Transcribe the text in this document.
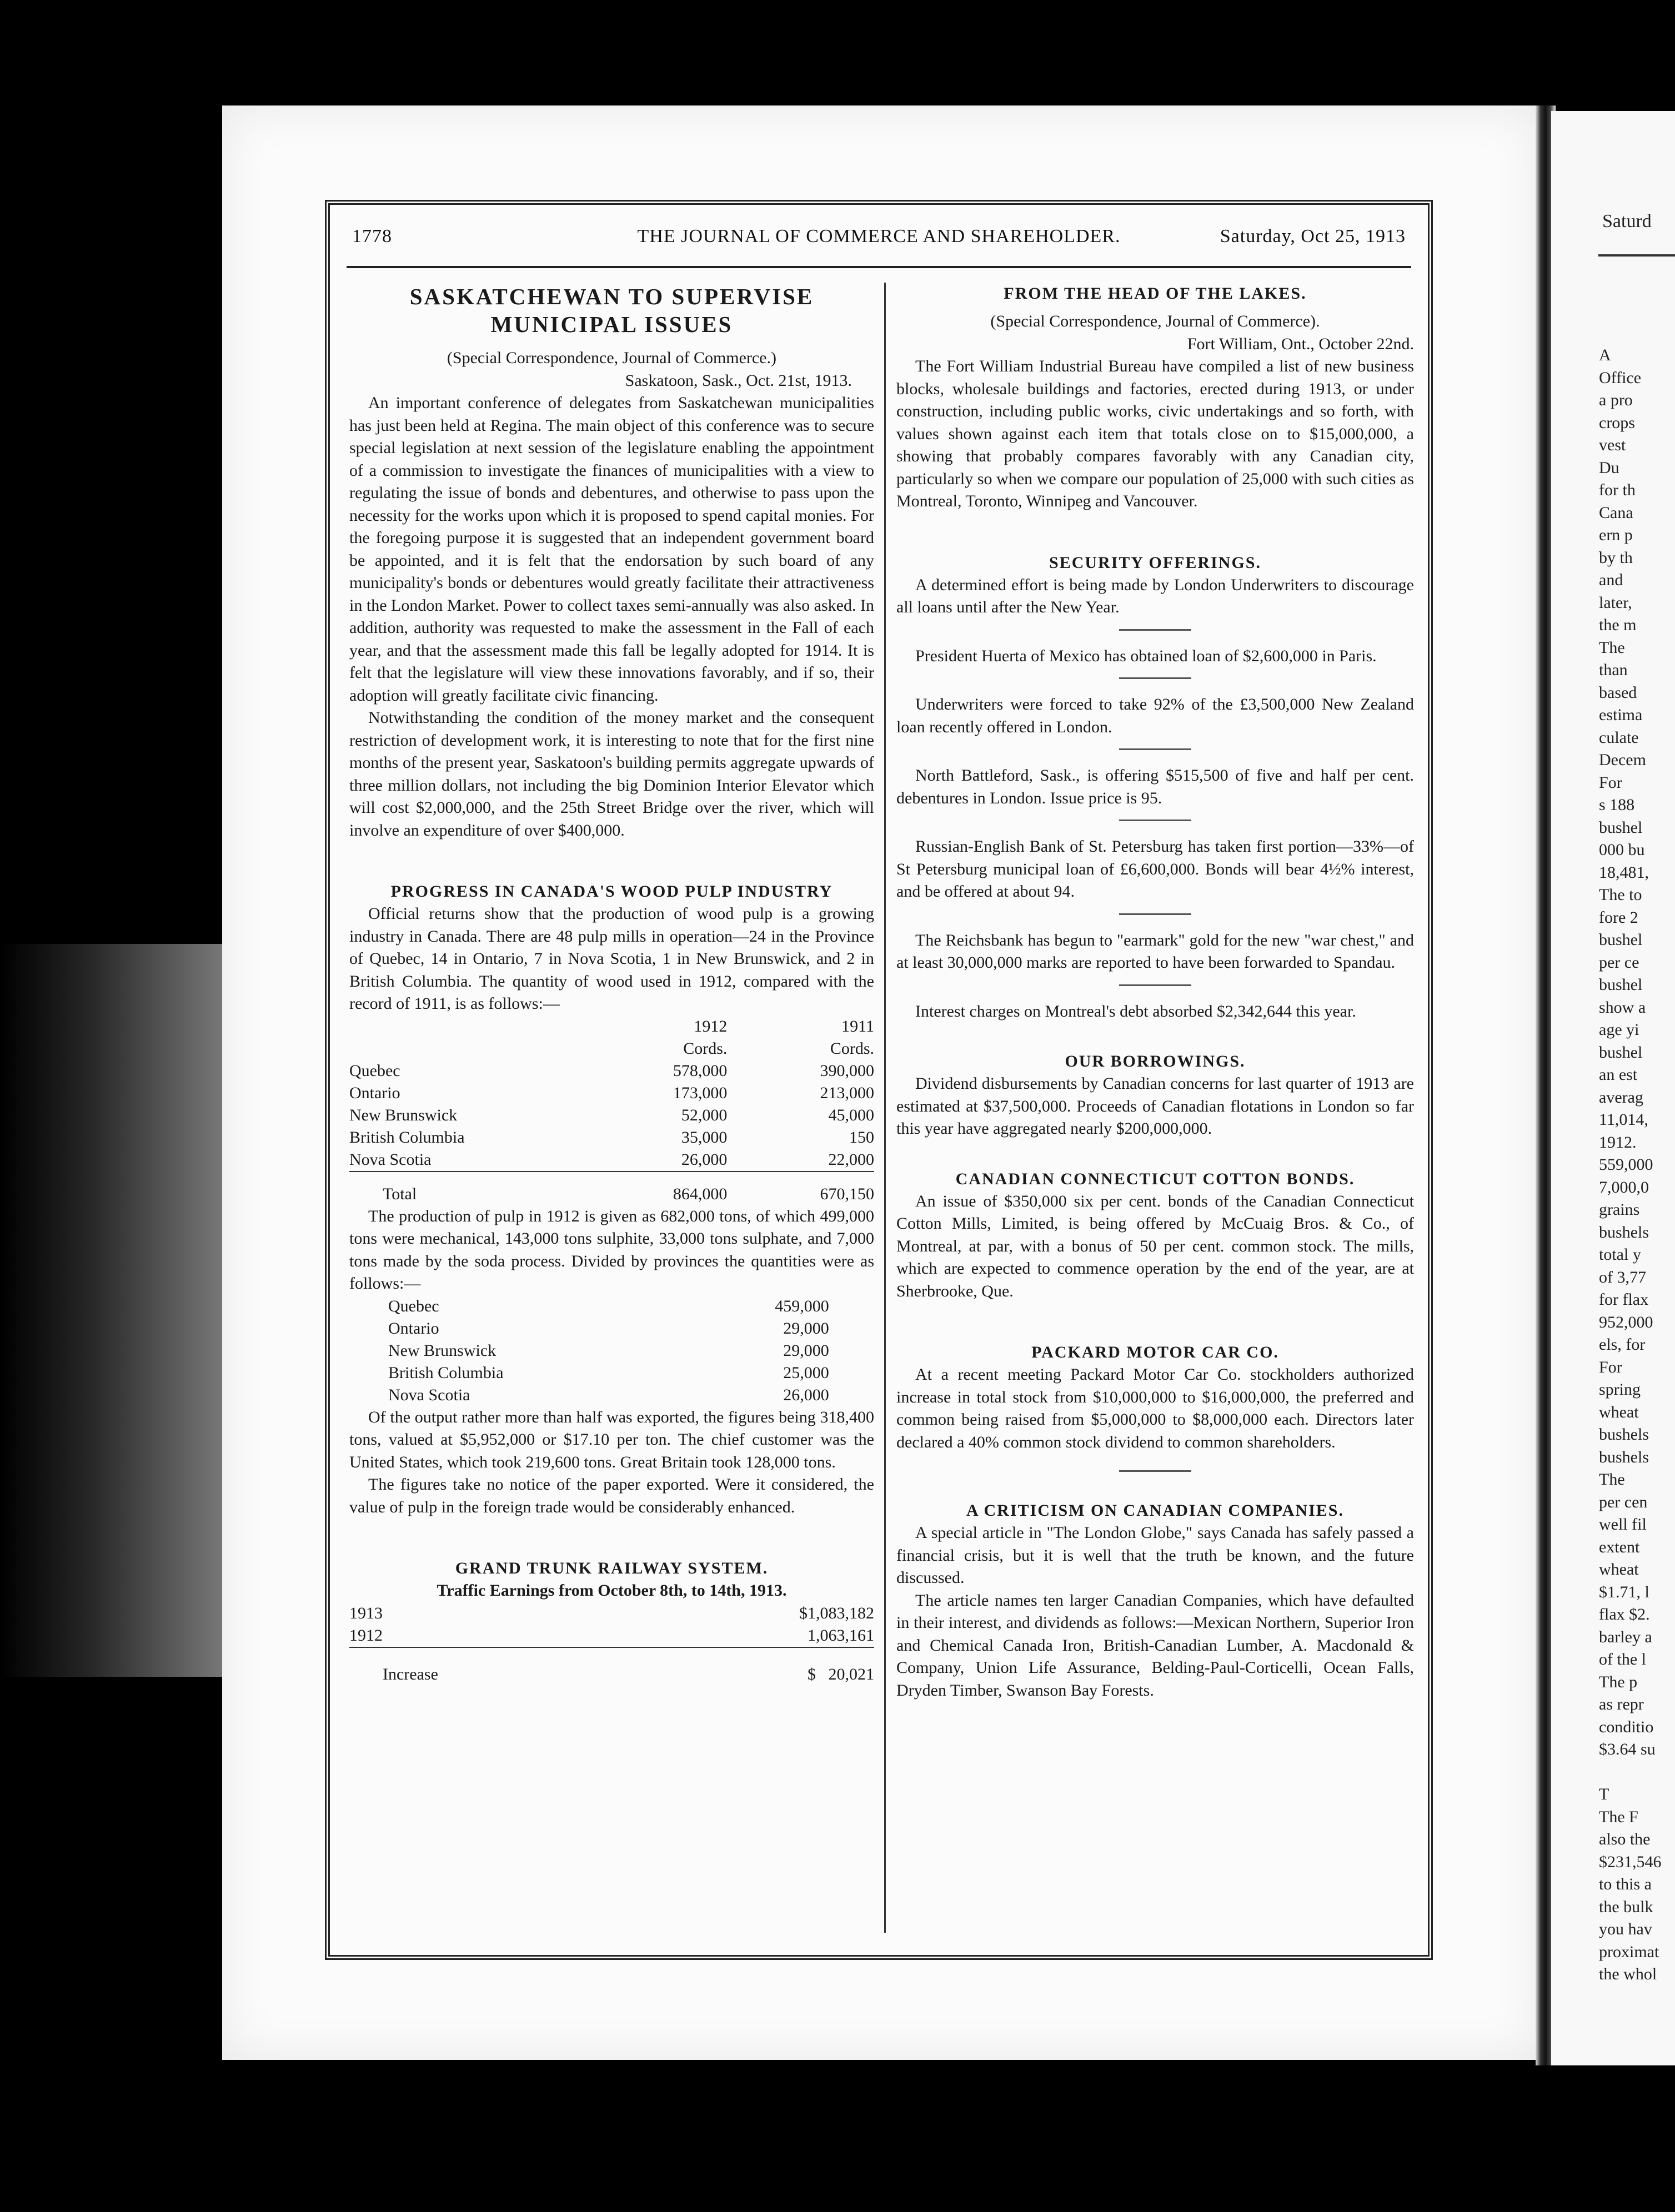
1778	THE JOURNAL OF COMMERCE AND SHAREHOLDER.	Saturday, Oct 25, 1913
SASKATCHEWAN TO SUPERVISE MUNICIPAL ISSUES

(Special Correspondence, Journal of Commerce.)

Saskatoon, Sask., Oct. 21st, 1913.

An important conference of delegates from Saskatchewan municipalities has just been held at Regina. The main object of this conference was to secure special legislation at next session of the legislature enabling the appointment of a commission to investigate the finances of municipalities with a view to regulating the issue of bonds and debentures, and otherwise to pass upon the necessity for the works upon which it is proposed to spend capital monies. For the foregoing purpose it is suggested that an independent government board be appointed, and it is felt that the endorsation by such board of any municipality's bonds or debentures would greatly facilitate their attractiveness in the London Market. Power to collect taxes semi-annually was also asked. In addition, authority was requested to make the assessment in the Fall of each year, and that the assessment made this fall be legally adopted for 1914. It is felt that the legislature will view these innovations favorably, and if so, their adoption will greatly facilitate civic financing.

Notwithstanding the condition of the money market and the consequent restriction of development work, it is interesting to note that for the first nine months of the present year, Saskatoon's building permits aggregate upwards of three million dollars, not including the big Dominion Interior Elevator which will cost $2,000,000, and the 25th Street Bridge over the river, which will involve an expenditure of over $400,000.

PROGRESS IN CANADA'S WOOD PULP INDUSTRY

Official returns show that the production of wood pulp is a growing industry in Canada. There are 48 pulp mills in operation—24 in the Province of Quebec, 14 in Ontario, 7 in Nova Scotia, 1 in New Brunswick, and 2 in British Columbia. The quantity of wood used in 1912, compared with the record of 1911, is as follows:—

	1912	1911
	Cords.	Cords.
Quebec	578,000	390,000
Ontario	173,000	213,000
New Brunswick	52,000	45,000
British Columbia	35,000	150
Nova Scotia	26,000	22,000
Total	864,000	670,150

The production of pulp in 1912 is given as 682,000 tons, of which 499,000 tons were mechanical, 143,000 tons sulphite, 33,000 tons sulphate, and 7,000 tons made by the soda process. Divided by provinces the quantities were as follows:—

Quebec	459,000
Ontario	29,000
New Brunswick	29,000
British Columbia	25,000
Nova Scotia	26,000

Of the output rather more than half was exported, the figures being 318,400 tons, valued at $5,952,000 or $17.10 per ton. The chief customer was the United States, which took 219,600 tons. Great Britain took 128,000 tons.

The figures take no notice of the paper exported. Were it considered, the value of pulp in the foreign trade would be considerably enhanced.

GRAND TRUNK RAILWAY SYSTEM.

Traffic Earnings from October 8th, to 14th, 1913.

1913	$1,083,182
1912	1,063,161
Increase	$   20,021
FROM THE HEAD OF THE LAKES.

(Special Correspondence, Journal of Commerce).

Fort William, Ont., October 22nd.

The Fort William Industrial Bureau have compiled a list of new business blocks, wholesale buildings and factories, erected during 1913, or under construction, including public works, civic undertakings and so forth, with values shown against each item that totals close on to $15,000,000, a showing that probably compares favorably with any Canadian city, particularly so when we compare our population of 25,000 with such cities as Montreal, Toronto, Winnipeg and Vancouver.

SECURITY OFFERINGS.

A determined effort is being made by London Underwriters to discourage all loans until after the New Year.

President Huerta of Mexico has obtained loan of $2,600,000 in Paris.

Underwriters were forced to take 92% of the £3,500,000 New Zealand loan recently offered in London.

North Battleford, Sask., is offering $515,500 of five and half per cent. debentures in London. Issue price is 95.

Russian-English Bank of St. Petersburg has taken first portion—33%—of St Petersburg municipal loan of £6,600,000. Bonds will bear 4½% interest, and be offered at about 94.

The Reichsbank has begun to "earmark" gold for the new "war chest," and at least 30,000,000 marks are reported to have been forwarded to Spandau.

Interest charges on Montreal's debt absorbed $2,342,644 this year.

OUR BORROWINGS.

Dividend disbursements by Canadian concerns for last quarter of 1913 are estimated at $37,500,000. Proceeds of Canadian flotations in London so far this year have aggregated nearly $200,000,000.

CANADIAN CONNECTICUT COTTON BONDS.

An issue of $350,000 six per cent. bonds of the Canadian Connecticut Cotton Mills, Limited, is being offered by McCuaig Bros. & Co., of Montreal, at par, with a bonus of 50 per cent. common stock. The mills, which are expected to commence operation by the end of the year, are at Sherbrooke, Que.

PACKARD MOTOR CAR CO.

At a recent meeting Packard Motor Car Co. stockholders authorized increase in total stock from $10,000,000 to $16,000,000, the preferred and common being raised from $5,000,000 to $8,000,000 each. Directors later declared a 40% common stock dividend to common shareholders.

A CRITICISM ON CANADIAN COMPANIES.

A special article in "The London Globe," says Canada has safely passed a financial crisis, but it is well that the truth be known, and the future discussed.

The article names ten larger Canadian Companies, which have defaulted in their interest, and dividends as follows:—Mexican Northern, Superior Iron and Chemical Canada Iron, British-Canadian Lumber, A. Macdonald & Company, Union Life Assurance, Belding-Paul-Corticelli, Ocean Falls, Dryden Timber, Swanson Bay Forests.

Saturd
A
Office
a pro
crops
vest
Du
for th
Cana
ern p
by th
and
later,
the m
The
than
based
estima
culate
Decem
For
s 188
bushel
000 bu
18,481,
The to
fore 2
bushel
per ce
bushel
show a
age yi
bushel
an est
averag
11,014,
1912.
559,000
7,000,0
grains
bushels
total y
of 3,77
for flax
952,000
els, for
For
spring
wheat
bushels
bushels
The
per cen
well fil
extent
wheat
$1.71, l
flax $2.
barley a
of the l
The p
as repr
conditio
$3.64 su

T
The F
also the
$231,546
to this a
the bulk
you hav
proximat
the whol
